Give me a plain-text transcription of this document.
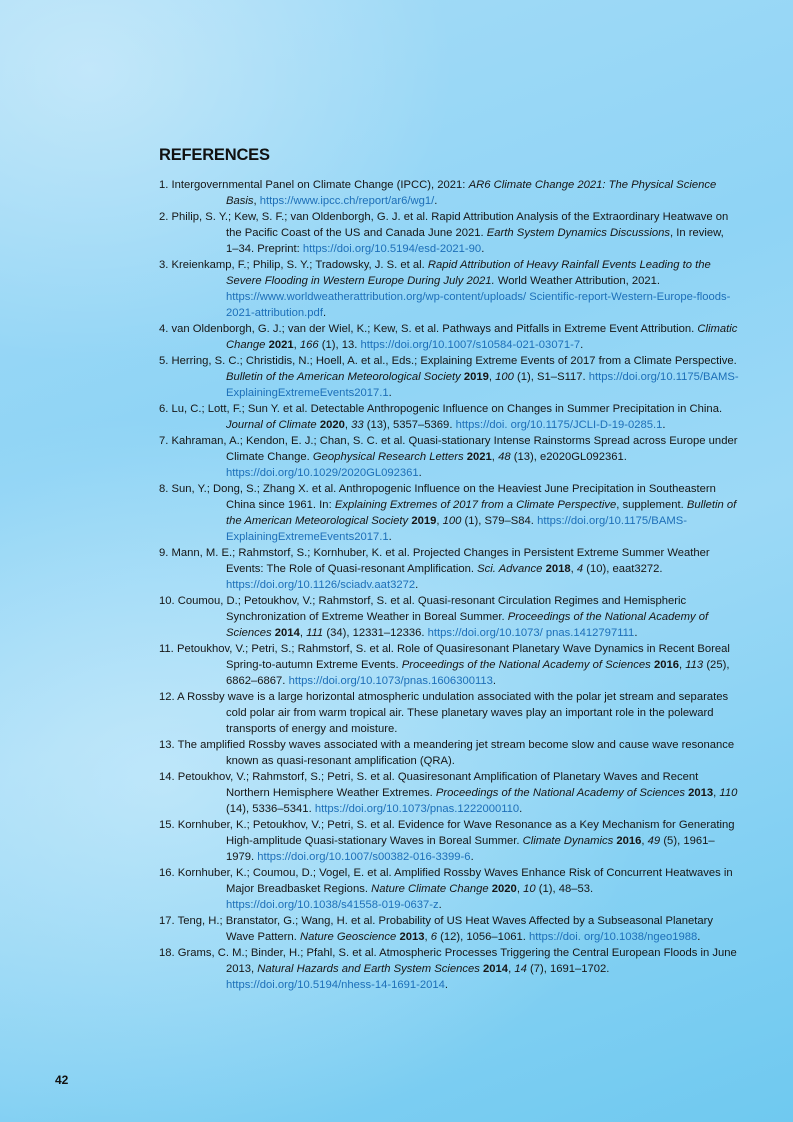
REFERENCES
1. Intergovernmental Panel on Climate Change (IPCC), 2021: AR6 Climate Change 2021: The Physical Science Basis, https://www.ipcc.ch/report/ar6/wg1/.
2. Philip, S. Y.; Kew, S. F.; van Oldenborgh, G. J. et al. Rapid Attribution Analysis of the Extraordinary Heatwave on the Pacific Coast of the US and Canada June 2021. Earth System Dynamics Discussions, In review, 1–34. Preprint: https://doi.org/10.5194/esd-2021-90.
3. Kreienkamp, F.; Philip, S. Y.; Tradowsky, J. S. et al. Rapid Attribution of Heavy Rainfall Events Leading to the Severe Flooding in Western Europe During July 2021. World Weather Attribution, 2021. https://www.worldweatherattribution.org/wp-content/uploads/ Scientific-report-Western-Europe-floods-2021-attribution.pdf.
4. van Oldenborgh, G. J.; van der Wiel, K.; Kew, S. et al. Pathways and Pitfalls in Extreme Event Attribution. Climatic Change 2021, 166 (1), 13. https://doi.org/10.1007/s10584-021-03071-7.
5. Herring, S. C.; Christidis, N.; Hoell, A. et al., Eds.; Explaining Extreme Events of 2017 from a Climate Perspective. Bulletin of the American Meteorological Society 2019, 100 (1), S1–S117. https://doi.org/10.1175/BAMS-ExplainingExtremeEvents2017.1.
6. Lu, C.; Lott, F.; Sun Y. et al. Detectable Anthropogenic Influence on Changes in Summer Precipitation in China. Journal of Climate 2020, 33 (13), 5357–5369. https://doi. org/10.1175/JCLI-D-19-0285.1.
7. Kahraman, A.; Kendon, E. J.; Chan, S. C. et al. Quasi-stationary Intense Rainstorms Spread across Europe under Climate Change. Geophysical Research Letters 2021, 48 (13), e2020GL092361. https://doi.org/10.1029/2020GL092361.
8. Sun, Y.; Dong, S.; Zhang X. et al. Anthropogenic Influence on the Heaviest June Precipitation in Southeastern China since 1961. In: Explaining Extremes of 2017 from a Climate Perspective, supplement. Bulletin of the American Meteorological Society 2019, 100 (1), S79–S84. https://doi.org/10.1175/BAMS-ExplainingExtremeEvents2017.1.
9. Mann, M. E.; Rahmstorf, S.; Kornhuber, K. et al. Projected Changes in Persistent Extreme Summer Weather Events: The Role of Quasi-resonant Amplification. Sci. Advance 2018, 4 (10), eaat3272. https://doi.org/10.1126/sciadv.aat3272.
10. Coumou, D.; Petoukhov, V.; Rahmstorf, S. et al. Quasi-resonant Circulation Regimes and Hemispheric Synchronization of Extreme Weather in Boreal Summer. Proceedings of the National Academy of Sciences 2014, 111 (34), 12331–12336. https://doi.org/10.1073/ pnas.1412797111.
11. Petoukhov, V.; Petri, S.; Rahmstorf, S. et al. Role of Quasiresonant Planetary Wave Dynamics in Recent Boreal Spring-to-autumn Extreme Events. Proceedings of the National Academy of Sciences 2016, 113 (25), 6862–6867. https://doi.org/10.1073/pnas.1606300113.
12. A Rossby wave is a large horizontal atmospheric undulation associated with the polar jet stream and separates cold polar air from warm tropical air. These planetary waves play an important role in the poleward transports of energy and moisture.
13. The amplified Rossby waves associated with a meandering jet stream become slow and cause wave resonance known as quasi-resonant amplification (QRA).
14. Petoukhov, V.; Rahmstorf, S.; Petri, S. et al. Quasiresonant Amplification of Planetary Waves and Recent Northern Hemisphere Weather Extremes. Proceedings of the National Academy of Sciences 2013, 110 (14), 5336–5341. https://doi.org/10.1073/pnas.1222000110.
15. Kornhuber, K.; Petoukhov, V.; Petri, S. et al. Evidence for Wave Resonance as a Key Mechanism for Generating High-amplitude Quasi-stationary Waves in Boreal Summer. Climate Dynamics 2016, 49 (5), 1961–1979. https://doi.org/10.1007/s00382-016-3399-6.
16. Kornhuber, K.; Coumou, D.; Vogel, E. et al. Amplified Rossby Waves Enhance Risk of Concurrent Heatwaves in Major Breadbasket Regions. Nature Climate Change 2020, 10 (1), 48–53. https://doi.org/10.1038/s41558-019-0637-z.
17. Teng, H.; Branstator, G.; Wang, H. et al. Probability of US Heat Waves Affected by a Subseasonal Planetary Wave Pattern. Nature Geoscience 2013, 6 (12), 1056–1061. https://doi. org/10.1038/ngeo1988.
18. Grams, C. M.; Binder, H.; Pfahl, S. et al. Atmospheric Processes Triggering the Central European Floods in June 2013, Natural Hazards and Earth System Sciences 2014, 14 (7), 1691–1702. https://doi.org/10.5194/nhess-14-1691-2014.
42
